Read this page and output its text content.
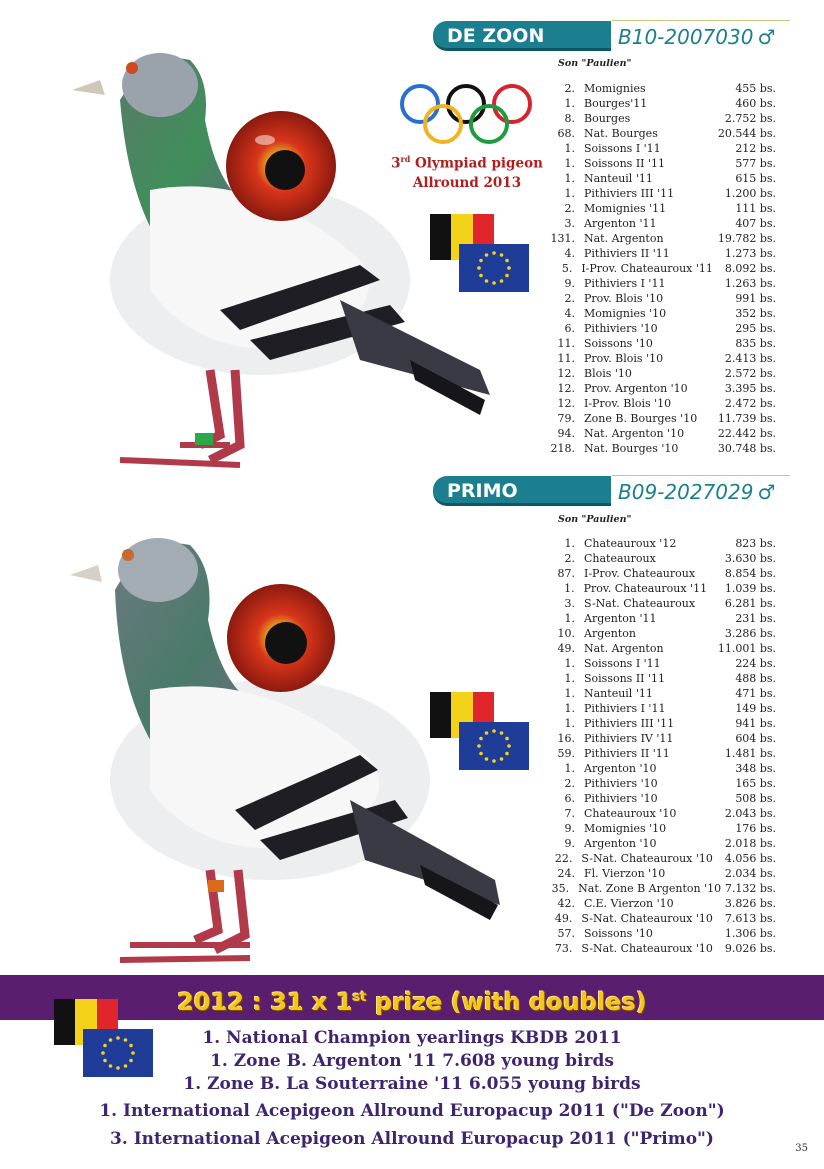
DE ZOON	B10-2007030 ♂
Son "Paulien"
3rd Olympiad pigeon
Allround 2013
2. Momignies	455 bs.
1. Bourges'11	460 bs.
8. Bourges	2.752 bs.
68. Nat. Bourges	20.544 bs.
1. Soissons I '11	212 bs.
1. Soissons II '11	577 bs.
1. Nanteuil '11	615 bs.
1. Pithiviers III '11	1.200 bs.
2. Momignies '11	111 bs.
3. Argenton '11	407 bs.
131. Nat. Argenton	19.782 bs.
4. Pithiviers II '11	1.273 bs.
5. I-Prov. Chateauroux '11	8.092 bs.
9. Pithiviers I '11	1.263 bs.
2. Prov. Blois '10	991 bs.
4. Momignies '10	352 bs.
6. Pithiviers '10	295 bs.
11. Soissons '10	835 bs.
11. Prov. Blois '10	2.413 bs.
12. Blois '10	2.572 bs.
12. Prov. Argenton '10	3.395 bs.
12. I-Prov. Blois '10	2.472 bs.
79. Zone B. Bourges '10	11.739 bs.
94. Nat. Argenton '10	22.442 bs.
218. Nat. Bourges '10	30.748 bs.
PRIMO	B09-2027029 ♂
Son "Paulien"
1. Chateauroux '12	823 bs.
2. Chateauroux	3.630 bs.
87. I-Prov. Chateauroux	8.854 bs.
1. Prov. Chateauroux '11	1.039 bs.
3. S-Nat. Chateauroux	6.281 bs.
1. Argenton '11	231 bs.
10. Argenton	3.286 bs.
49. Nat. Argenton	11.001 bs.
1. Soissons I '11	224 bs.
1. Soissons II '11	488 bs.
1. Nanteuil '11	471 bs.
1. Pithiviers I '11	149 bs.
1. Pithiviers III '11	941 bs.
16. Pithiviers IV '11	604 bs.
59. Pithiviers II '11	1.481 bs.
1. Argenton '10	348 bs.
2. Pithiviers '10	165 bs.
6. Pithiviers '10	508 bs.
7. Chateauroux '10	2.043 bs.
9. Momignies '10	176 bs.
9. Argenton '10	2.018 bs.
22. S-Nat. Chateauroux '10	4.056 bs.
24. Fl. Vierzon '10	2.034 bs.
35. Nat. Zone B Argenton '10 7.132 bs.
42. C.E. Vierzon '10	3.826 bs.
49. S-Nat. Chateauroux '10	7.613 bs.
57. Soissons '10	1.306 bs.
73. S-Nat. Chateauroux '10	9.026 bs.
2012 : 31 x 1st prize (with doubles)
1. National Champion yearlings KBDB 2011
1. Zone B. Argenton '11 7.608 young birds
1. Zone B. La Souterraine '11 6.055 young birds
1. International Acepigeon Allround Europacup 2011 ("De Zoon")
3. International Acepigeon Allround Europacup 2011 ("Primo")	35
